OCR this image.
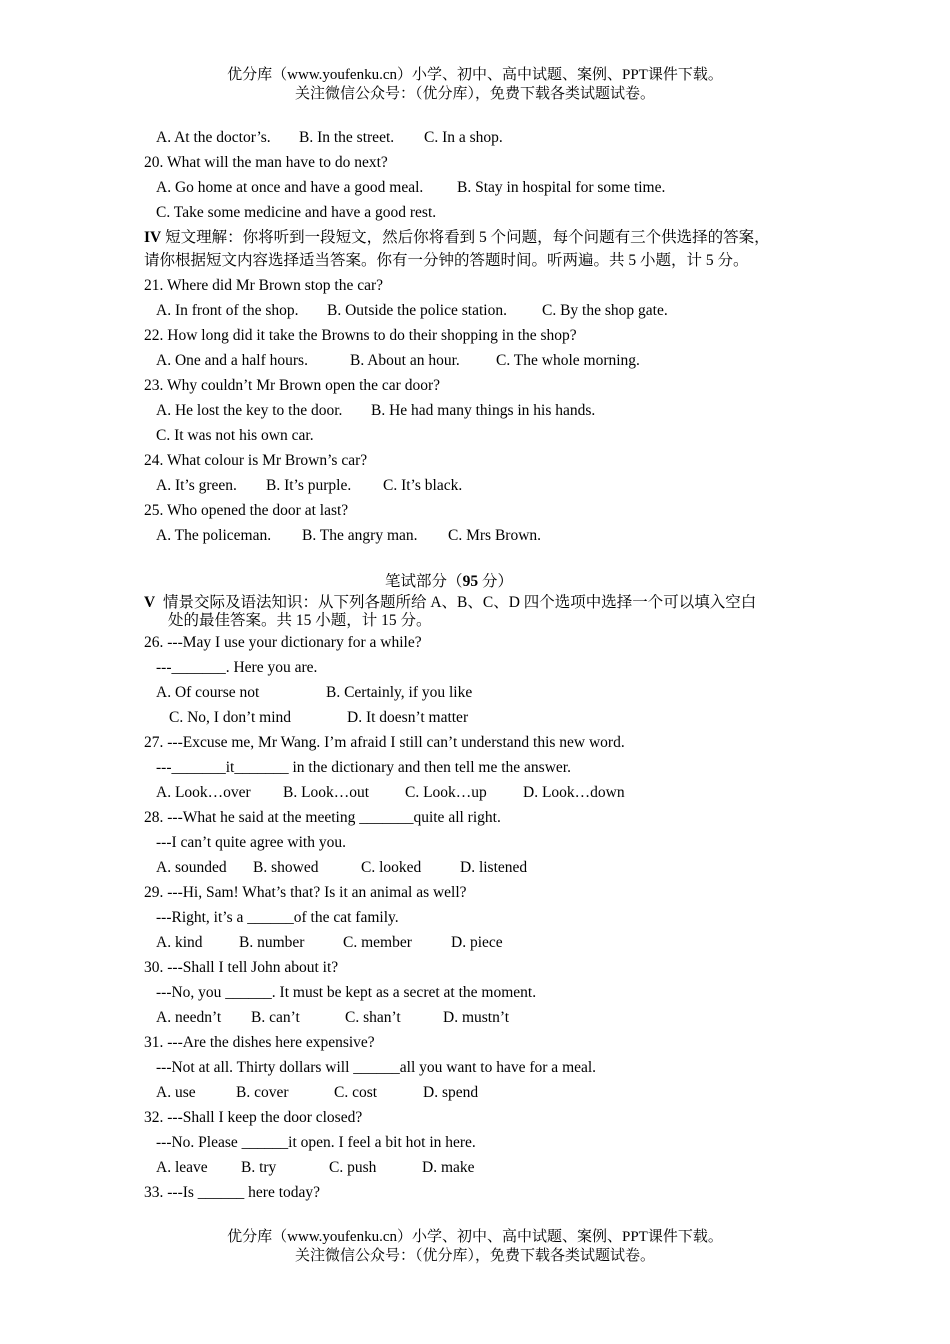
优分库（www.youfenku.cn）小学、初中、高中试题、案例、PPT课件下载。
关注微信公众号：（优分库），免费下载各类试题试卷。
A. At the doctor’s. B. In the street. C. In a shop.
20. What will the man have to do next?
A. Go home at once and have a good meal. B. Stay in hospital for some time.
C. Take some medicine and have a good rest.
IV 短文理解：你将听到一段短文，然后你将看到 5 个问题，每个问题有三个供选择的答案，
请你根据短文内容选择适当答案。你有一分钟的答题时间。听两遍。共 5 小题，计 5 分。
21. Where did Mr Brown stop the car?
A. In front of the shop. B. Outside the police station. C. By the shop gate.
22. How long did it take the Browns to do their shopping in the shop?
A. One and a half hours.	B. About an hour. C. The whole morning.
23. Why couldn’t Mr Brown open the car door?
A. He lost the key to the door. B. He had many things in his hands.
C. It was not his own car.
24. What colour is Mr Brown’s car?
A. It’s green. B. It’s purple. C. It’s black.
25. Who opened the door at last?
A. The policeman. B. The angry man. C. Mrs Brown.
笔试部分（95 分）
V 情景交际及语法知识：从下列各题所给 A、B、C、D 四个选项中选择一个可以填入空白
处的最佳答案。共 15 小题，计 15 分。
26. ---May I use your dictionary for a while?
---_______. Here you are.
A. Of course not	B. Certainly, if you like
C. No, I don’t mind	D. It doesn’t matter
27. ---Excuse me, Mr Wang. I’m afraid I still can’t understand this new word.
---_______it_______ in the dictionary and then tell me the answer.
A. Look…over B. Look…out C. Look…up D. Look…down
28. ---What he said at the meeting _______quite all right.
---I can’t quite agree with you.
A. sounded B. showed	C. looked D. listened
29. ---Hi, Sam! What’s that? Is it an animal as well?
---Right, it’s a ______of the cat family.
A. kind B. number C. member	D. piece
30. ---Shall I tell John about it?
---No, you ______. It must be kept as a secret at the moment.
A. needn’t B. can’t	C. shan’t	D. mustn’t
31. ---Are the dishes here expensive?
---Not at all. Thirty dollars will ______all you want to have for a meal.
A. use	B. cover	C. cost	D. spend
32. ---Shall I keep the door closed?
---No. Please ______it open. I feel a bit hot in here.
A. leave B. try	C. push	D. make
33. ---Is ______ here today?
优分库（www.youfenku.cn）小学、初中、高中试题、案例、PPT课件下载。
关注微信公众号：（优分库），免费下载各类试题试卷。
